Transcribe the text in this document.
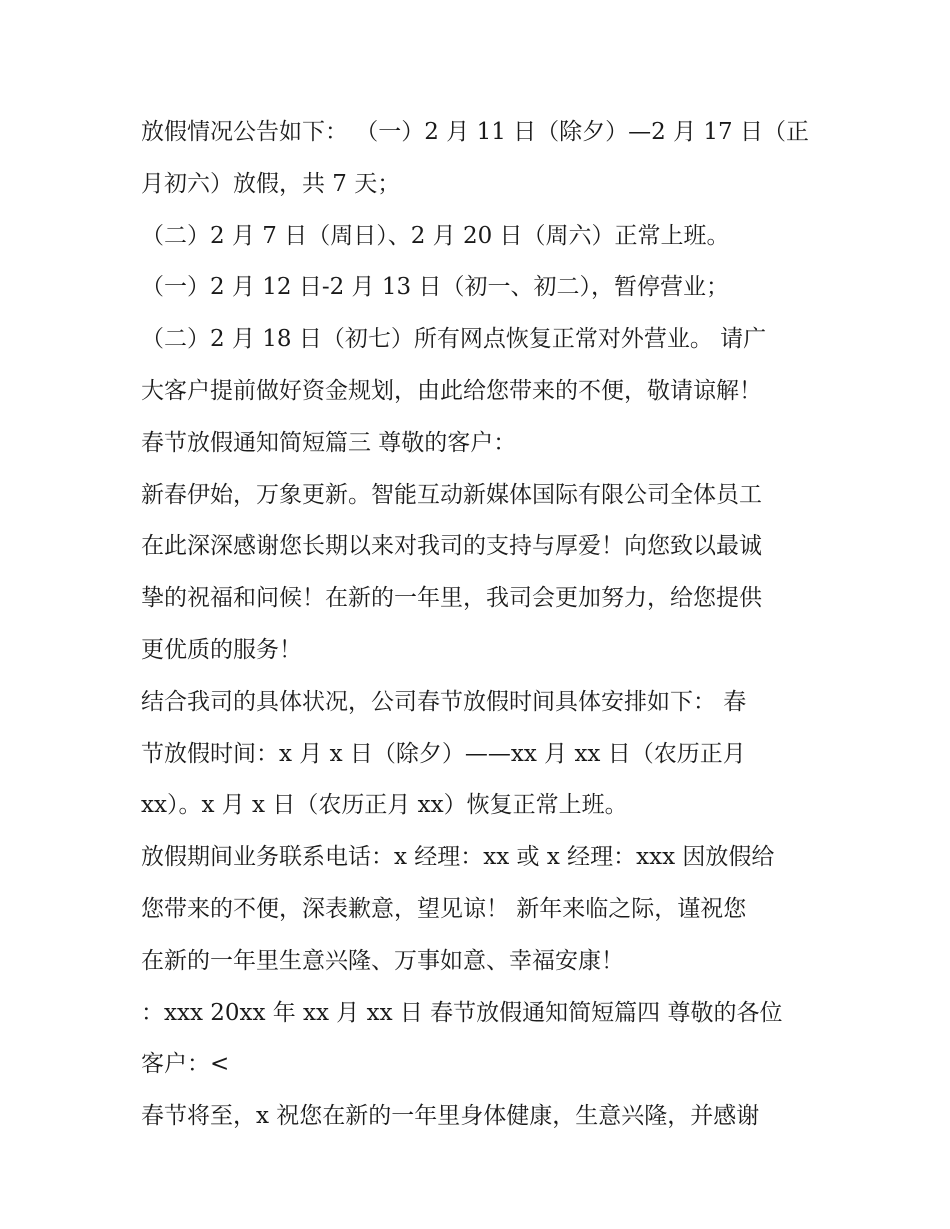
放假情况公告如下： （一）2 月 11 日（除夕）—2 月 17 日（正
月初六）放假，共 7 天；
（二）2 月 7 日（周日）、2 月 20 日（周六）正常上班。
（一）2 月 12 日-2 月 13 日（初一、初二），暂停营业；
（二）2 月 18 日（初七）所有网点恢复正常对外营业。 请广
大客户提前做好资金规划，由此给您带来的不便，敬请谅解！
春节放假通知简短篇三 尊敬的客户：
新春伊始，万象更新。智能互动新媒体国际有限公司全体员工
在此深深感谢您长期以来对我司的支持与厚爱！向您致以最诚
挚的祝福和问候！在新的一年里，我司会更加努力，给您提供
更优质的服务！
结合我司的具体状况，公司春节放假时间具体安排如下： 春
节放假时间：x 月 x 日（除夕）——xx 月 xx 日（农历正月
xx）。x 月 x 日（农历正月 xx）恢复正常上班。
放假期间业务联系电话：x 经理：xx 或 x 经理：xxx 因放假给
您带来的不便，深表歉意，望见谅！ 新年来临之际，谨祝您
在新的一年里生意兴隆、万事如意、幸福安康！
：xxx 20xx 年 xx 月 xx 日 春节放假通知简短篇四 尊敬的各位
客户：<
春节将至，x 祝您在新的一年里身体健康，生意兴隆，并感谢
